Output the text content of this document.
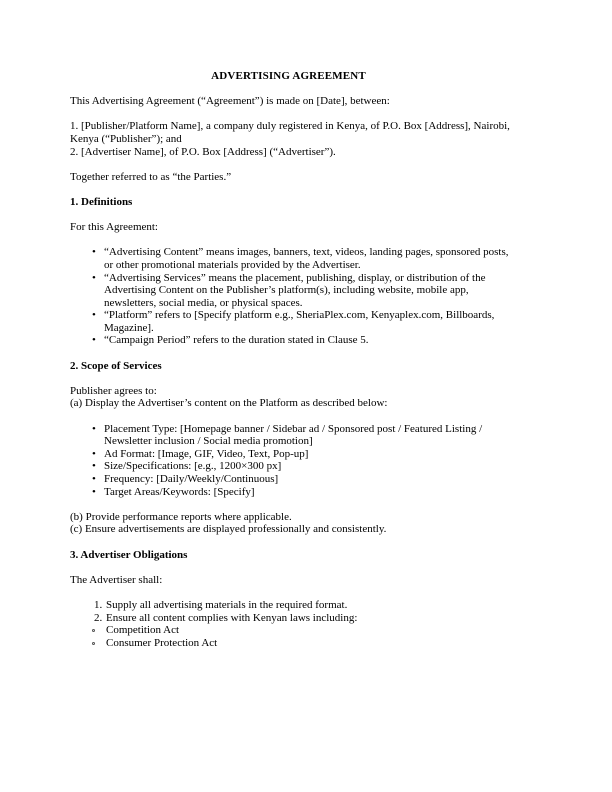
ADVERTISING AGREEMENT

This Advertising Agreement (“Agreement”) is made on [Date], between:

1. [Publisher/Platform Name], a company duly registered in Kenya, of P.O. Box [Address], Nairobi, Kenya (“Publisher”); and

2. [Advertiser Name], of P.O. Box [Address] (“Advertiser”).

Together referred to as “the Parties.”

1. Definitions

For this Agreement:

• “Advertising Content” means images, banners, text, videos, landing pages, sponsored posts, or other promotional materials provided by the Advertiser.
• “Advertising Services” means the placement, publishing, display, or distribution of the Advertising Content on the Publisher’s platform(s), including website, mobile app, newsletters, social media, or physical spaces.
• “Platform” refers to [Specify platform e.g., SheriaPlex.com, Kenyaplex.com, Billboards, Magazine].
• “Campaign Period” refers to the duration stated in Clause 5.
2. Scope of Services

Publisher agrees to:

(a) Display the Advertiser’s content on the Platform as described below:

• Placement Type: [Homepage banner / Sidebar ad / Sponsored post / Featured Listing / Newsletter inclusion / Social media promotion]
• Ad Format: [Image, GIF, Video, Text, Pop-up]
• Size/Specifications: [e.g., 1200×300 px]
• Frequency: [Daily/Weekly/Continuous]
• Target Areas/Keywords: [Specify]

(b) Provide performance reports where applicable.

(c) Ensure advertisements are displayed professionally and consistently.

3. Advertiser Obligations

The Advertiser shall:

Supply all advertising materials in the required format.
Ensure all content complies with Kenyan laws including:
Competition Act
Consumer Protection Act
